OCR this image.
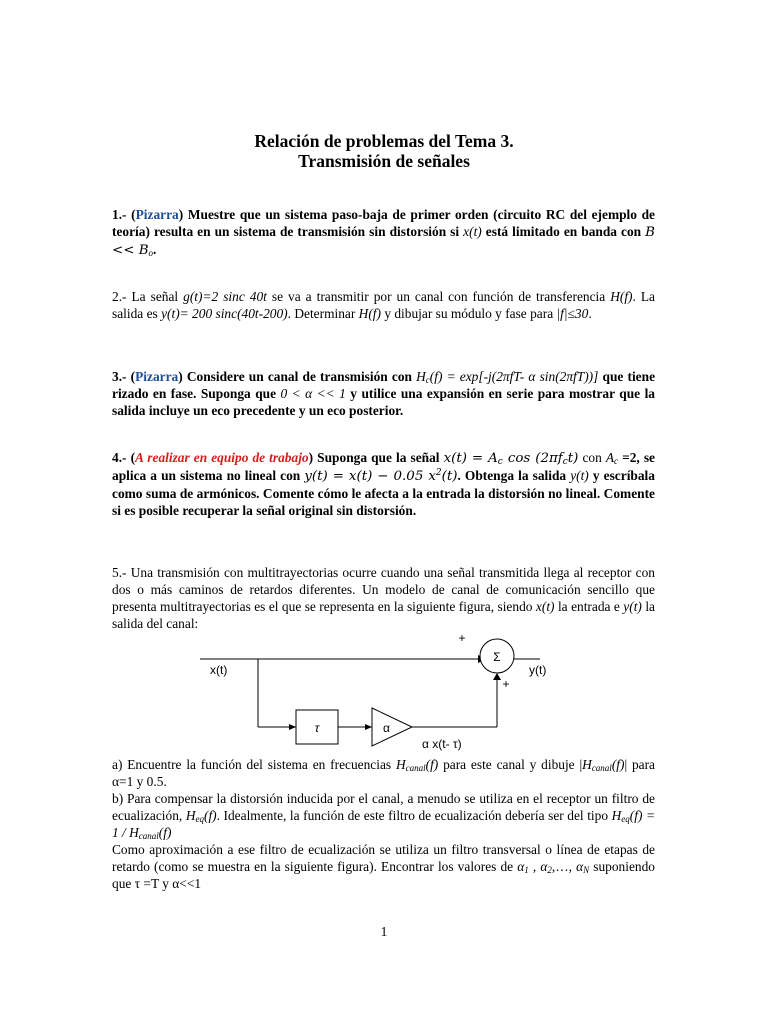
Relación de problemas del Tema 3.
Transmisión de señales
1.- (Pizarra) Muestre que un sistema paso-baja de primer orden (circuito RC del ejemplo de teoría) resulta en un sistema de transmisión sin distorsión si x(t) está limitado en banda con $B << B_o$.
2.- La señal g(t)=2 sinc 40t se va a transmitir por un canal con función de transferencia H(f). La salida es y(t)= 200 sinc(40t-200). Determinar H(f) y dibujar su módulo y fase para |f|≤30.
3.- (Pizarra) Considere un canal de transmisión con $H_c(f) = \exp[-j(2\pi fT-$ α sin(2πfT))] que tiene rizado en fase. Suponga que 0 < α << 1 y utilice una expansión en serie para mostrar que la salida incluye un eco precedente y un eco posterior.
4.- (A realizar en equipo de trabajo) Suponga que la señal $x(t) = A_c$ $\cos (2\pi f_ct)$ con $A_c =2$, se aplica a un sistema no lineal con y(t) = x(t) − 0.05 $x^2(t)$. Obtenga la salida y(t) y escríbala como suma de armónicos. Comente cómo le afecta a la entrada la distorsión no lineal. Comente si es posible recuperar la señal original sin distorsión.
5.- Una transmisión con multitrayectorias ocurre cuando una señal transmitida llega al receptor con dos o más caminos de retardos diferentes. Un modelo de canal de comunicación sencillo que presenta multitrayectorias es el que se representa en la siguiente figura, siendo x(t) la entrada e y(t) la salida del canal:
Σ
+
+
x(t)	y(t)
τ	α
α x(t- τ)
a) Encuentre la función del sistema en frecuencias $H_{canal}(f)$ para este canal y dibuje $|H_{canal}(f)|$ para α=1 y 0.5.
b) Para compensar la distorsión inducida por el canal, a menudo se utiliza en el receptor un filtro de ecualización, $H_{eq}(f)$. Idealmente, la función de este filtro de ecualización debería ser del tipo $H_{eq}(f) = 1 / H_{canal}(f)$
Como aproximación a ese filtro de ecualización se utiliza un filtro transversal o línea de etapas de retardo (como se muestra en la siguiente figura). Encontrar los valores de $\alpha_1$ , $\alpha_2,\dots$, $\alpha_N$ suponiendo que τ =T y α<<1
1
